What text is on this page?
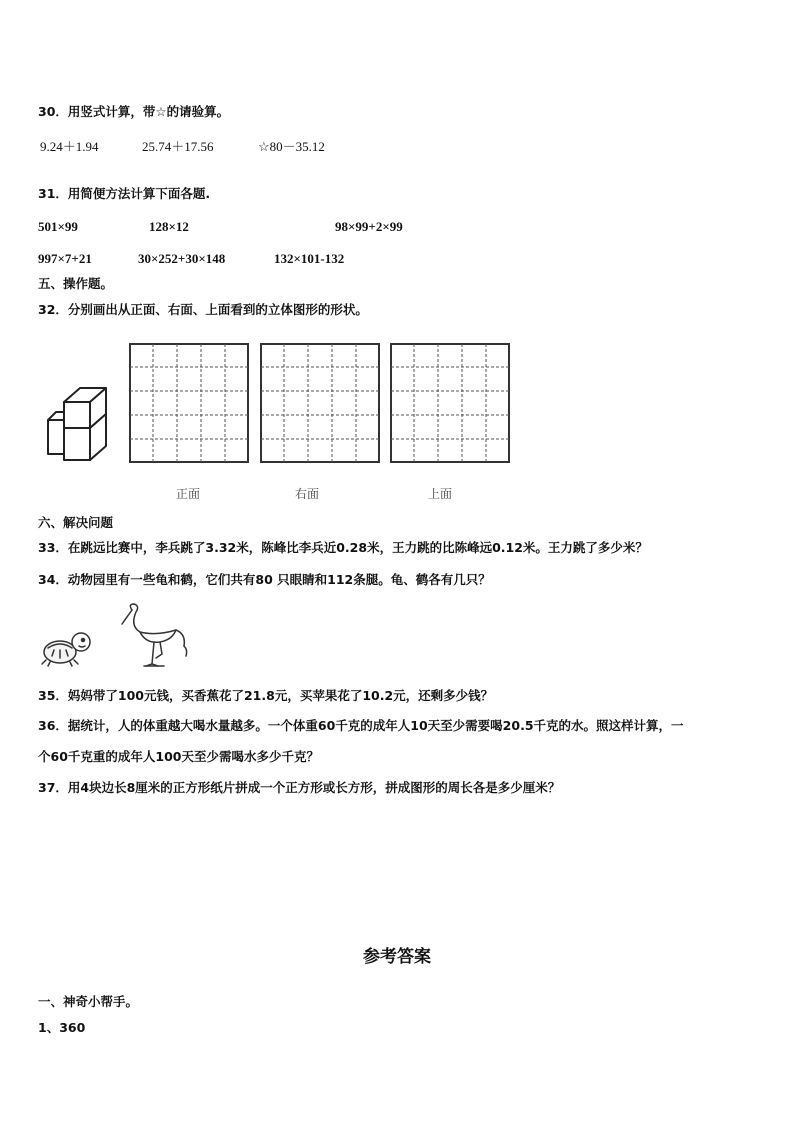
30．用竖式计算，带☆的请验算。
9.24＋1.94	25.74＋17.56	☆80－35.12
31．用简便方法计算下面各题.
501×99	128×12	98×99+2×99
997×7+21	30×252+30×148	132×101-132
五、操作题。
32．分别画出从正面、右面、上面看到的立体图形的形状。
正面	右面	上面
六、解决问题
33．在跳远比赛中，李兵跳了3.32米，陈峰比李兵近0.28米，王力跳的比陈峰远0.12米。王力跳了多少米？
34．动物园里有一些龟和鹤，它们共有80 只眼睛和112条腿。龟、鹤各有几只？
35．妈妈带了100元钱，买香蕉花了21.8元，买苹果花了10.2元，还剩多少钱？
36．据统计，人的体重越大喝水量越多。一个体重60千克的成年人10天至少需要喝20.5千克的水。照这样计算，一
个60千克重的成年人100天至少需喝水多少千克？
37．用4块边长8厘米的正方形纸片拼成一个正方形或长方形，拼成图形的周长各是多少厘米？
参考答案
一、神奇小帮手。
1、360
